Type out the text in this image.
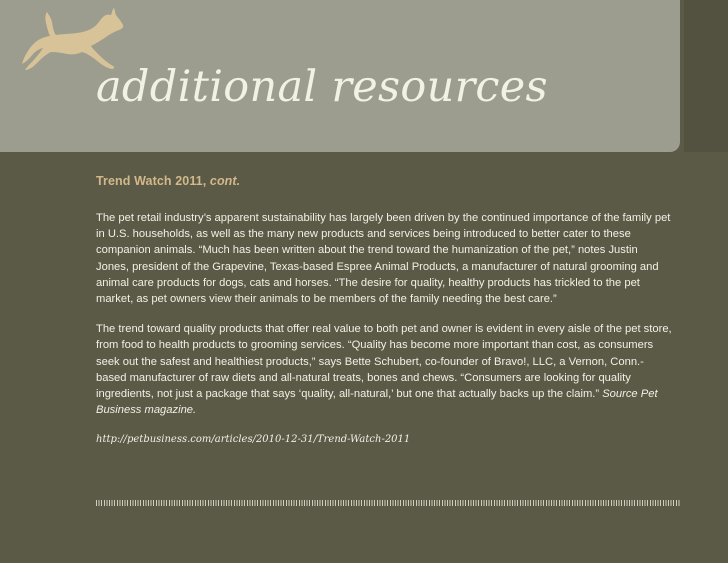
additional resources
Trend Watch 2011, cont.

The pet retail industry’s apparent sustainability has largely been driven by the continued importance of the family pet in U.S. households, as well as the many new products and services being introduced to better cater to these companion animals. “Much has been written about the trend toward the humanization of the pet,” notes Justin Jones, president of the Grapevine, Texas-based Espree Animal Products, a manufacturer of natural grooming and animal care products for dogs, cats and horses. “The desire for quality, healthy products has trickled to the pet market, as pet owners view their animals to be members of the family needing the best care.”

The trend toward quality products that offer real value to both pet and owner is evident in every aisle of the pet store, from food to health products to grooming services. “Quality has become more important than cost, as consumers seek out the safest and healthiest products,” says Bette Schubert, co-founder of Bravo!, LLC, a Vernon, Conn.-based manufacturer of raw diets and all-natural treats, bones and chews. “Consumers are looking for quality ingredients, not just a package that says ‘quality, all-natural,’ but one that actually backs up the claim.” Source Pet Business magazine.

http://petbusiness.com/articles/2010-12-31/Trend-Watch-2011
